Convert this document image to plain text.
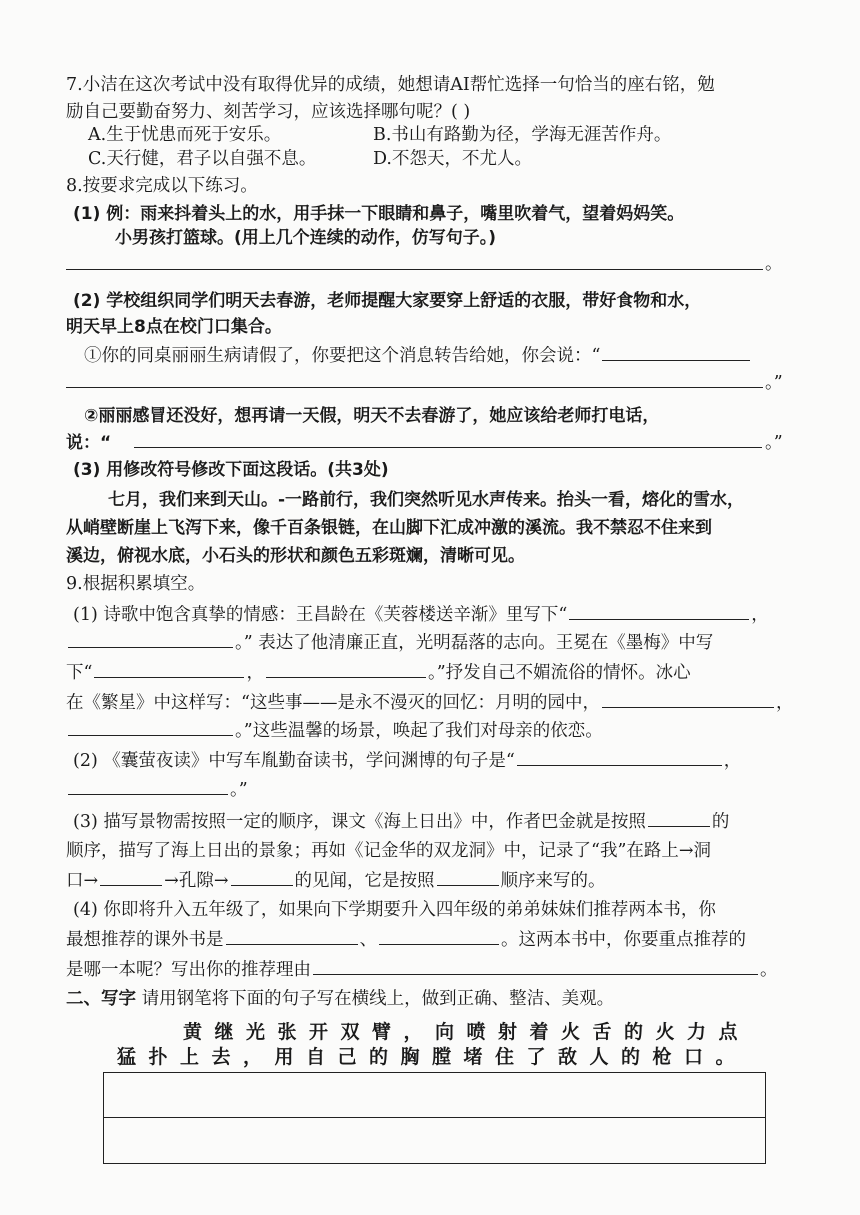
7.小洁在这次考试中没有取得优异的成绩，她想请AI帮忙选择一句恰当的座右铭，勉
励自己要勤奋努力、刻苦学习，应该选择哪句呢？( )
A.生于忧患而死于安乐。	B.书山有路勤为径，学海无涯苦作舟。
C.天行健，君子以自强不息。	D.不怨天，不尤人。
8.按要求完成以下练习。
(1) 例：雨来抖着头上的水，用手抹一下眼睛和鼻子，嘴里吹着气，望着妈妈笑。
小男孩打篮球。(用上几个连续的动作，仿写句子。)
。
(2) 学校组织同学们明天去春游，老师提醒大家要穿上舒适的衣服，带好食物和水，
明天早上8点在校门口集合。
①你的同桌丽丽生病请假了，你要把这个消息转告给她，你会说：“
。”
②丽丽感冒还没好，想再请一天假，明天不去春游了，她应该给老师打电话，
说：“	。”
(3) 用修改符号修改下面这段话。(共3处)
七月，我们来到天山。-一路前行，我们突然听见水声传来。抬头一看，熔化的雪水，
从峭壁断崖上飞泻下来，像千百条银链，在山脚下汇成冲激的溪流。我不禁忍不住来到
溪边，俯视水底，小石头的形状和颜色五彩斑斓，清晰可见。
9.根据积累填空。
(1) 诗歌中饱含真挚的情感：王昌龄在《芙蓉楼送辛渐》里写下“	，
。” 表达了他清廉正直，光明磊落的志向。王冕在《墨梅》中写
下“	，	。”抒发自己不媚流俗的情怀。冰心
在《繁星》中这样写：“这些事——是永不漫灭的回忆：月明的园中，	，
。”这些温馨的场景，唤起了我们对母亲的依恋。
(2) 《囊萤夜读》中写车胤勤奋读书，学问渊博的句子是“	，
。”
(3) 描写景物需按照一定的顺序，课文《海上日出》中，作者巴金就是按照	的
顺序，描写了海上日出的景象；再如《记金华的双龙洞》中，记录了“我”在路上→洞
口→	→孔隙→	的见闻，它是按照	顺序来写的。
(4) 你即将升入五年级了，如果向下学期要升入四年级的弟弟妹妹们推荐两本书，你
最想推荐的课外书是	、	。这两本书中，你要重点推荐的
是哪一本呢？写出你的推荐理由	。
二、写字 请用钢笔将下面的句子写在横线上，做到正确、整洁、美观。
黄继光张开双臂，向喷射着火舌的火力点
猛扑上去，用自己的胸膛堵住了敌人的枪口。
